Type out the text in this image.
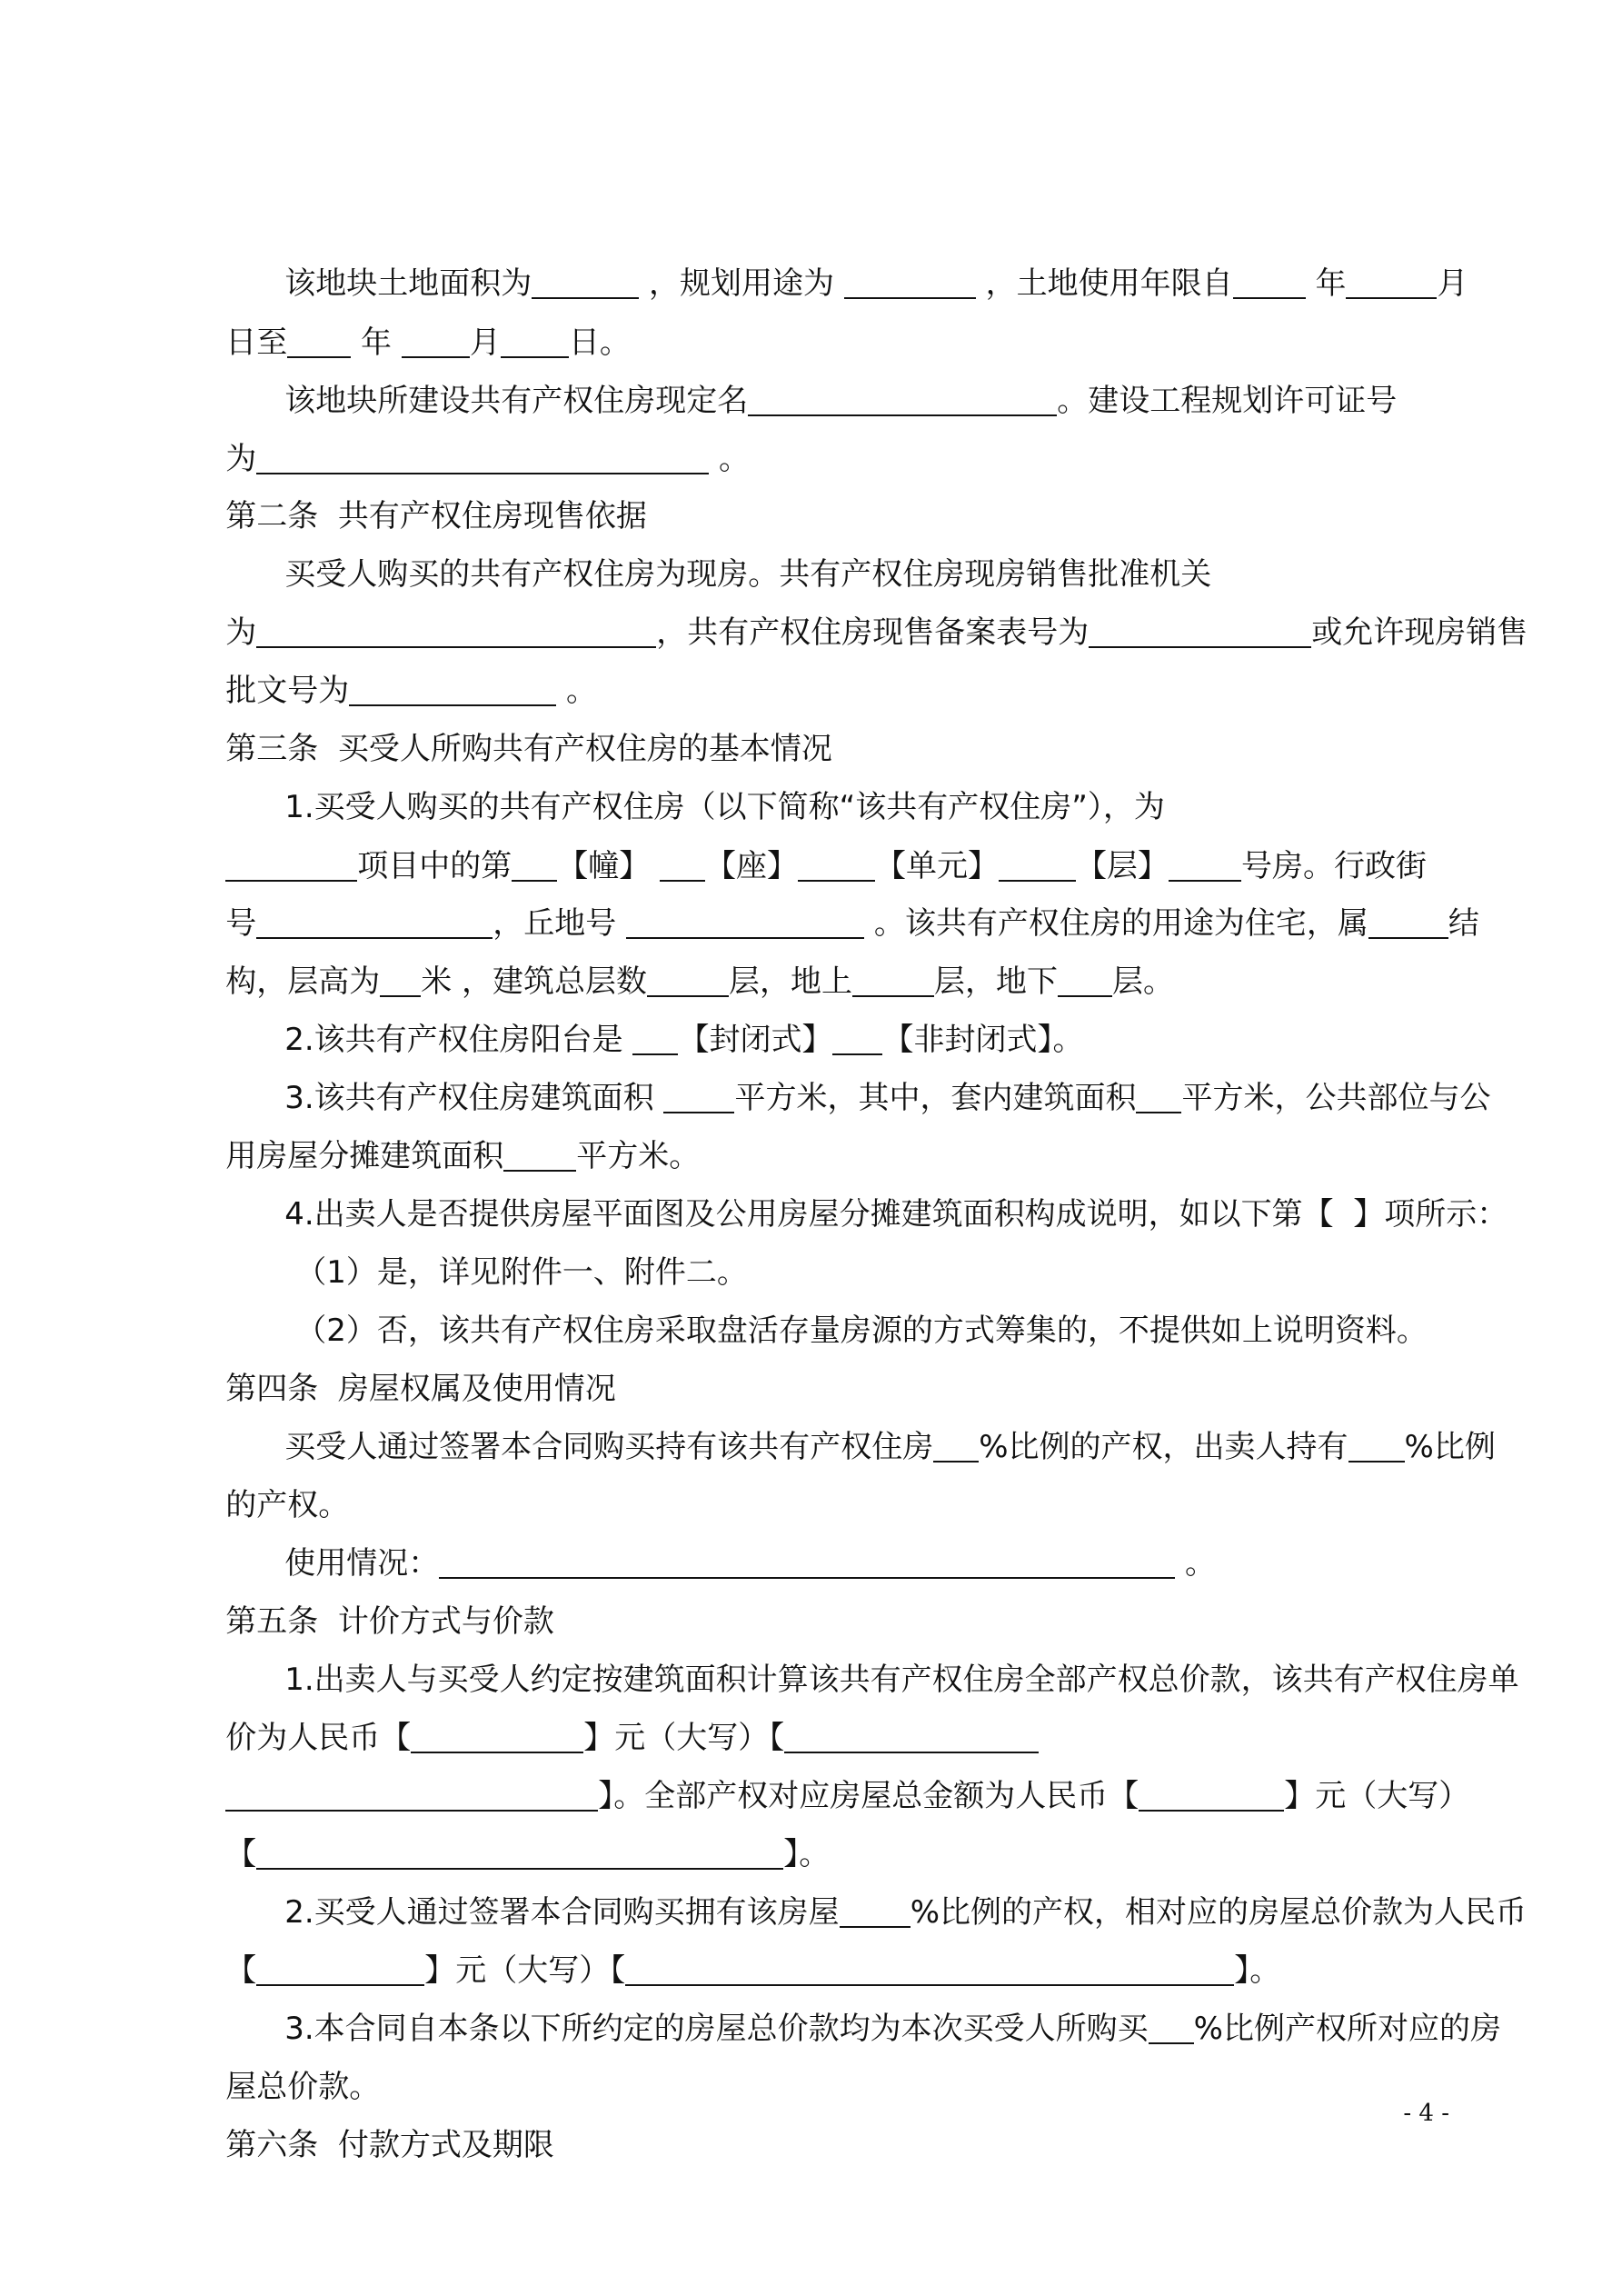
该地块土地面积为	，规划用途为	，土地使用年限自 年	月

日至 年 月 日。

该地块所建设共有产权住房现定名	。建设工程规划许可证号

为	。

第二条  共有产权住房现售依据

买受人购买的共有产权住房为现房。共有产权住房现房销售批准机关

为	，共有产权住房现售备案表号为	或允许现房销售

批文号为	。

第三条  买受人所购共有产权住房的基本情况

1.买受人购买的共有产权住房（以下简称“该共有产权住房”），为

项目中的第 【幢】 【座】	【单元】	【层】 号房。行政街

号	，丘地号	。该共有产权住房的用途为住宅，属	结

构，层高为 米 ，建筑总层数	层，地上	层，地下 层。

2.该共有产权住房阳台是 【封闭式】 【非封闭式】。

3.该共有产权住房建筑面积 平方米，其中，套内建筑面积 平方米，公共部位与公

用房屋分摊建筑面积 平方米。

4.出卖人是否提供房屋平面图及公用房屋分摊建筑面积构成说明，如以下第【  】项所示：

（1）是，详见附件一、附件二。

（2）否，该共有产权住房采取盘活存量房源的方式筹集的，不提供如上说明资料。

第四条  房屋权属及使用情况

买受人通过签署本合同购买持有该共有产权住房 %比例的产权，出卖人持有 %比例

的产权。

使用情况：	。

第五条  计价方式与价款

1.出卖人与买受人约定按建筑面积计算该共有产权住房全部产权总价款，该共有产权住房单

价为人民币【	】元（大写）【

】。全部产权对应房屋总金额为人民币【	】元（大写）

【	】。

2.买受人通过签署本合同购买拥有该房屋 %比例的产权，相对应的房屋总价款为人民币

【	】元（大写）【	】。

3.本合同自本条以下所约定的房屋总价款均为本次买受人所购买 %比例产权所对应的房

屋总价款。

第六条  付款方式及期限

- 4 -
